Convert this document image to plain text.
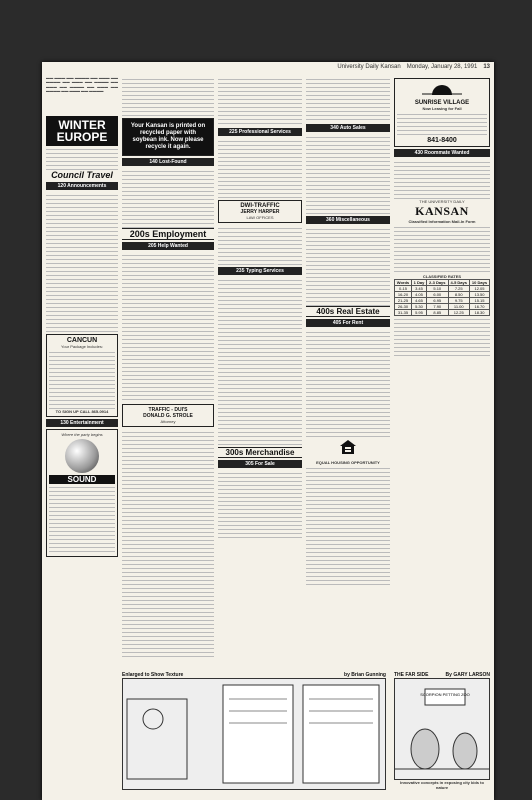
University Daily Kansan Monday, January 28, 1991 13
▬▬ ▬▬▬ ▬▬ ▬▬▬▬ ▬▬ ▬▬▬ ▬▬ ▬▬▬▬ ▬▬ ▬▬▬ ▬▬ ▬▬▬▬ ▬▬ ▬▬▬ ▬▬ ▬▬▬▬ ▬▬ ▬▬▬ ▬▬ ▬▬▬▬ ▬▬ ▬▬▬ ▬▬ ▬▬▬▬
WINTER EUROPE
Council Travel
120 Announcements
CANCUN
Your Package Includes:
TO SIGN UP CALL 865-0914
130 Entertainment
Where the party begins
SOUND
Your Kansan is printed on recycled paper with soybean ink. Now please recycle it again.
140 Lost-Found
200s Employment
205 Help Wanted
TRAFFIC - DUI'S
DONALD G. STROLE
Attorney
225 Professional Services
DWI-TRAFFIC
JERRY HARPER
LAW OFFICES
235 Typing Services
300s Merchandise
305 For Sale
340 Auto Sales
360 Miscellaneous
400s Real Estate
405 For Rent
EQUAL HOUSING OPPORTUNITY
SUNRISE VILLAGE
Now Leasing for Fall
841-8400
430 Roommate Wanted
THE UNIVERSITY DAILY
KANSAN
Classified Information Mail-In Form
CLASSIFIED RATES
Words	1 Day	2-3 Days	4-5 Days	10 Days
0-15	3.45	5.10	7.25	12.05
16-20	4.05	6.00	8.50	13.50
21-25	4.65	6.95	9.75	15.15
26-30	5.30	7.90	11.00	16.70
31-35	5.95	8.85	12.25	18.30
Enlarged to Show Texture	by Brian Gunning THE FAR SIDE	By GARY LARSON
SCORPION PETTING ZOO
Innovative concepts in exposing city kids to nature
